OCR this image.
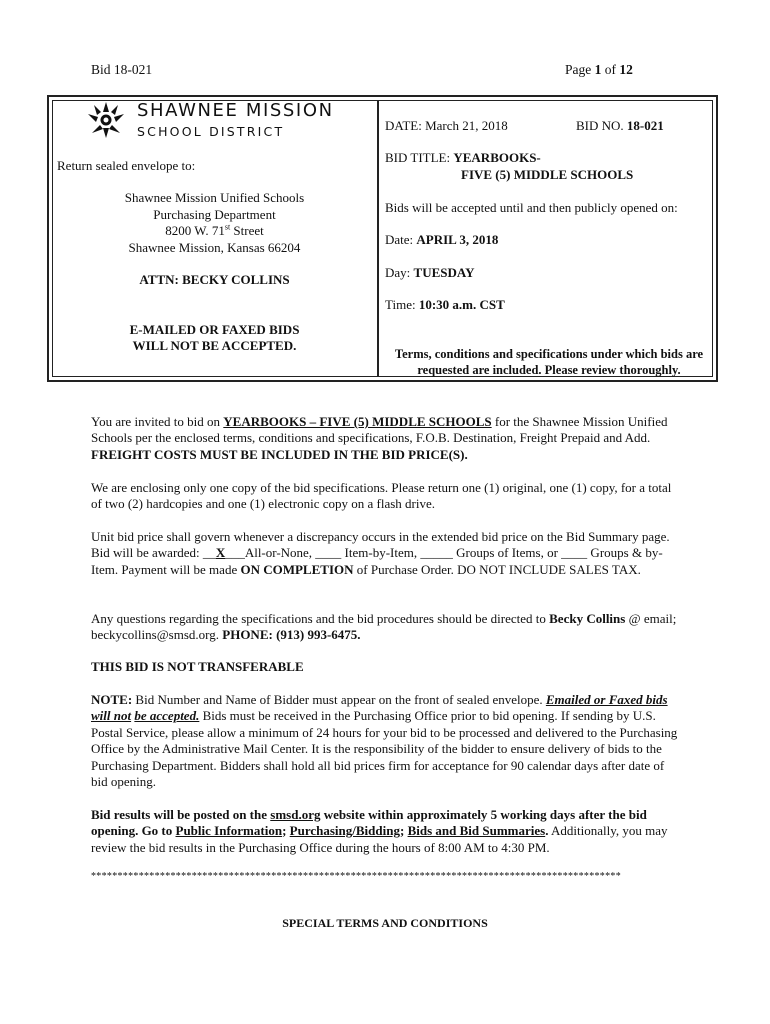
Bid 18-021	Page 1 of 12
SHAWNEE MISSION
SCHOOL DISTRICT
Return sealed envelope to:
Shawnee Mission Unified Schools
Purchasing Department
8200 W. 71st Street
Shawnee Mission, Kansas 66204
ATTN: BECKY COLLINS
E-MAILED OR FAXED BIDS
WILL NOT BE ACCEPTED.
DATE: March 21, 2018	BID NO. 18-021
BID TITLE: YEARBOOKS-
FIVE (5) MIDDLE SCHOOLS
Bids will be accepted until and then publicly opened on:
Date: APRIL 3, 2018
Day: TUESDAY
Time: 10:30 a.m. CST
Terms, conditions and specifications under which bids are requested are included. Please review thoroughly.
You are invited to bid on YEARBOOKS – FIVE (5) MIDDLE SCHOOLS for the Shawnee Mission Unified Schools per the enclosed terms, conditions and specifications, F.O.B. Destination, Freight Prepaid and Add. FREIGHT COSTS MUST BE INCLUDED IN THE BID PRICE(S).
We are enclosing only one copy of the bid specifications. Please return one (1) original, one (1) copy, for a total of two (2) hardcopies and one (1) electronic copy on a flash drive.
Unit bid price shall govern whenever a discrepancy occurs in the extended bid price on the Bid Summary page. Bid will be awarded: __X___All-or-None, ____ Item-by-Item, _____ Groups of Items, or ____ Groups & by-Item. Payment will be made ON COMPLETION of Purchase Order. DO NOT INCLUDE SALES TAX.
Any questions regarding the specifications and the bid procedures should be directed to Becky Collins @ email; beckycollins@smsd.org. PHONE: (913) 993-6475.
THIS BID IS NOT TRANSFERABLE
NOTE: Bid Number and Name of Bidder must appear on the front of sealed envelope. Emailed or Faxed bids will not be accepted. Bids must be received in the Purchasing Office prior to bid opening. If sending by U.S. Postal Service, please allow a minimum of 24 hours for your bid to be processed and delivered to the Purchasing Office by the Administrative Mail Center. It is the responsibility of the bidder to ensure delivery of bids to the Purchasing Department. Bidders shall hold all bid prices firm for acceptance for 90 calendar days after date of bid opening.
Bid results will be posted on the smsd.org website within approximately 5 working days after the bid opening. Go to Public Information; Purchasing/Bidding; Bids and Bid Summaries. Additionally, you may review the bid results in the Purchasing Office during the hours of 8:00 AM to 4:30 PM.
****************************************************************************************************
SPECIAL TERMS AND CONDITIONS
